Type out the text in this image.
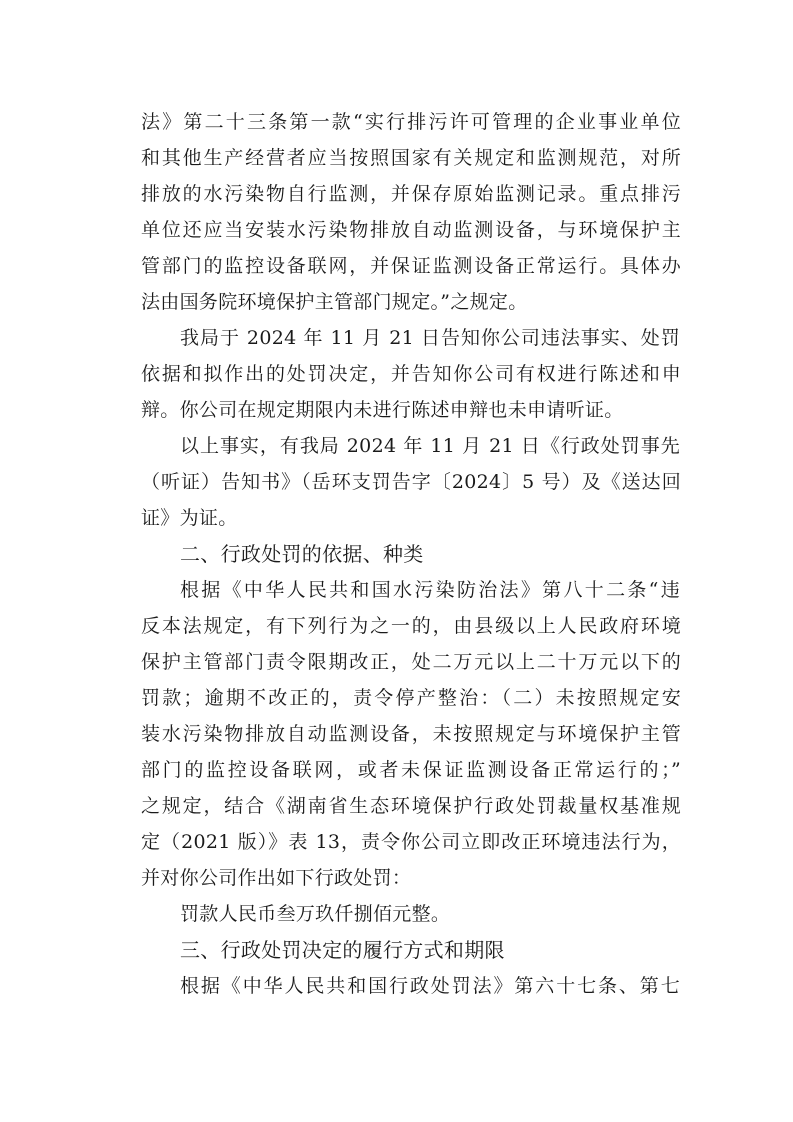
法》第二十三条第一款“实行排污许可管理的企业事业单位
和其他生产经营者应当按照国家有关规定和监测规范，对所
排放的水污染物自行监测，并保存原始监测记录。重点排污
单位还应当安装水污染物排放自动监测设备，与环境保护主
管部门的监控设备联网，并保证监测设备正常运行。具体办
法由国务院环境保护主管部门规定。”之规定。
我局于 2024 年 11 月 21 日告知你公司违法事实、处罚
依据和拟作出的处罚决定，并告知你公司有权进行陈述和申
辩。你公司在规定期限内未进行陈述申辩也未申请听证。
以上事实，有我局 2024 年 11 月 21 日《行政处罚事先
（听证）告知书》（岳环支罚告字〔2024〕5 号）及《送达回
证》为证。
二、行政处罚的依据、种类
根据《中华人民共和国水污染防治法》第八十二条“违
反本法规定，有下列行为之一的，由县级以上人民政府环境
保护主管部门责令限期改正，处二万元以上二十万元以下的
罚款；逾期不改正的，责令停产整治：（二）未按照规定安
装水污染物排放自动监测设备，未按照规定与环境保护主管
部门的监控设备联网，或者未保证监测设备正常运行的；”
之规定，结合《湖南省生态环境保护行政处罚裁量权基准规
定（2021 版）》表 13，责令你公司立即改正环境违法行为，
并对你公司作出如下行政处罚：
罚款人民币叁万玖仟捌佰元整。
三、行政处罚决定的履行方式和期限
根据《中华人民共和国行政处罚法》第六十七条、第七
